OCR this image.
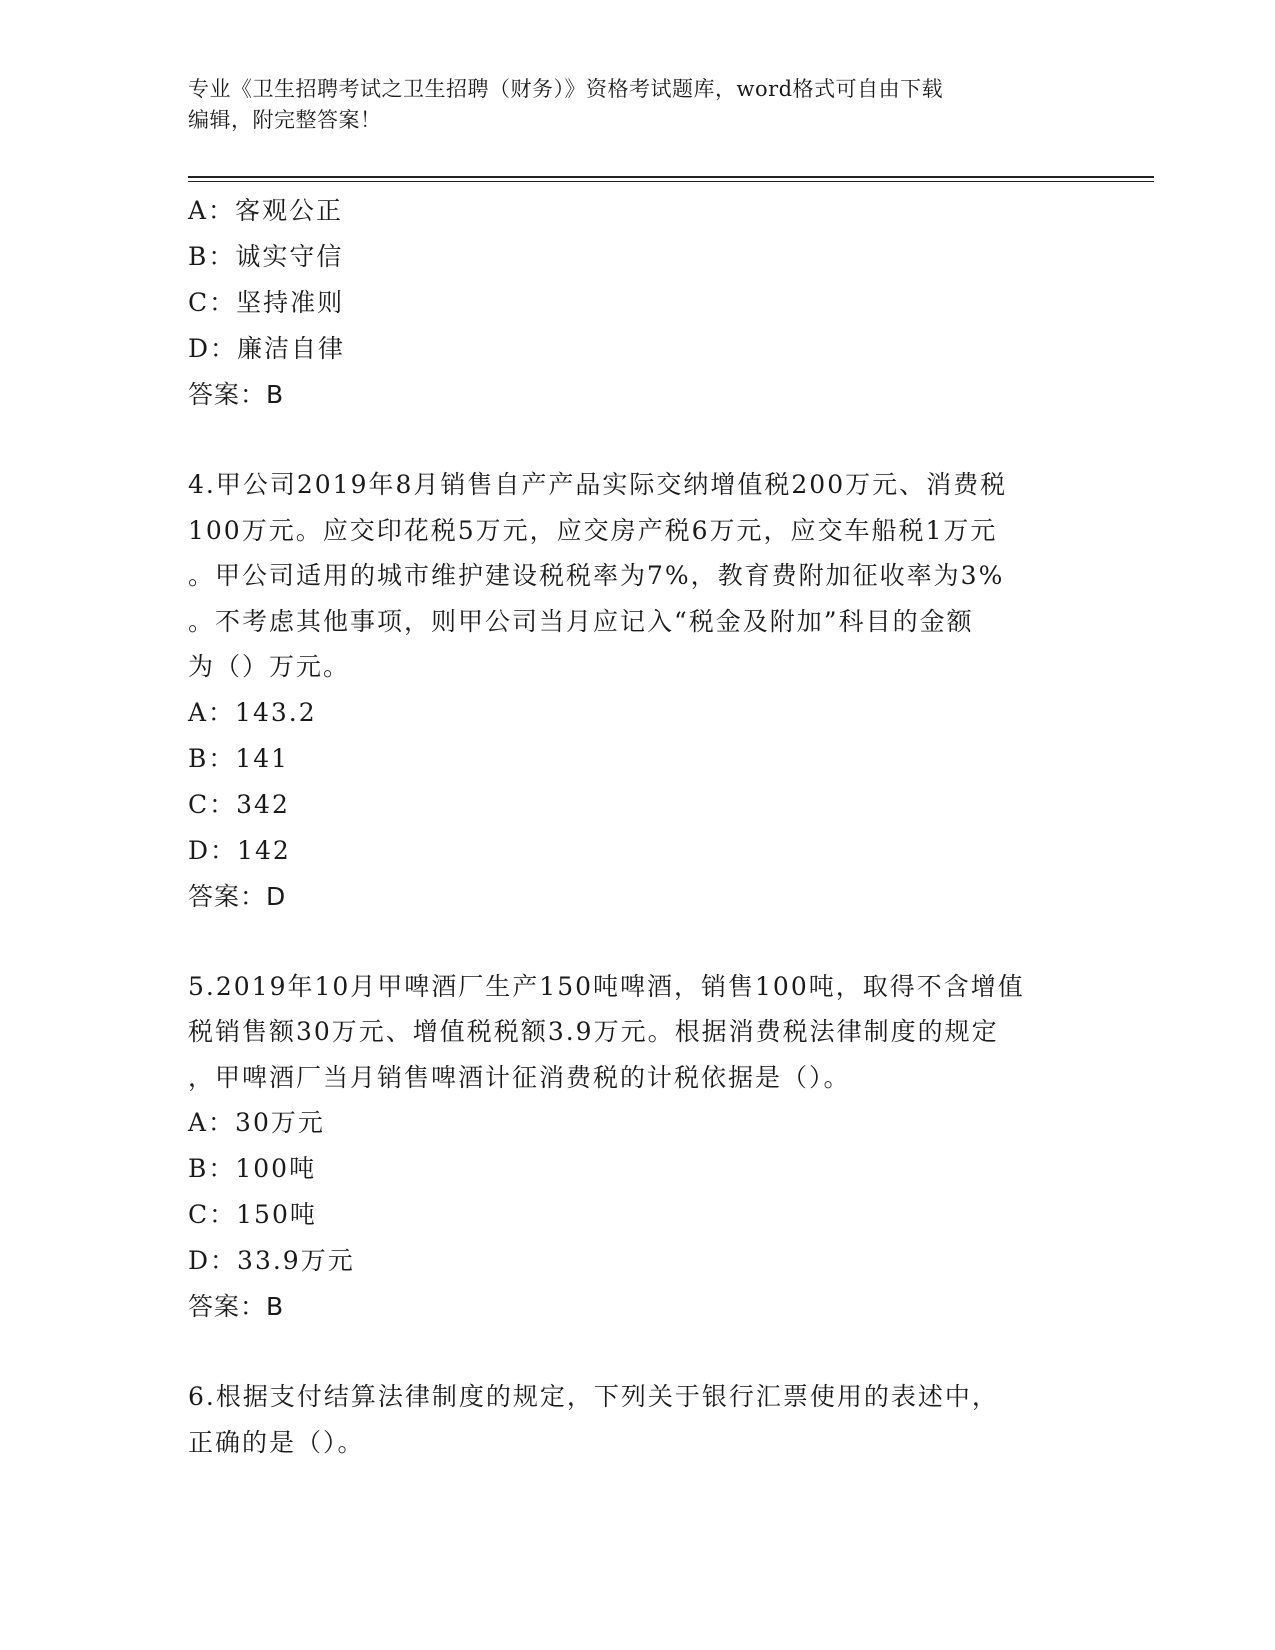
专业《卫生招聘考试之卫生招聘（财务）》资格考试题库，word格式可自由下载
编辑，附完整答案！
A：客观公正
B：诚实守信
C：坚持准则
D：廉洁自律
答案：B
4.甲公司2019年8月销售自产产品实际交纳增值税200万元、消费税
100万元。应交印花税5万元，应交房产税6万元，应交车船税1万元
。甲公司适用的城市维护建设税税率为7%，教育费附加征收率为3%
。不考虑其他事项，则甲公司当月应记入“税金及附加”科目的金额
为（）万元。
A：143.2
B：141
C：342
D：142
答案：D
5.2019年10月甲啤酒厂生产150吨啤酒，销售100吨，取得不含增值
税销售额30万元、增值税税额3.9万元。根据消费税法律制度的规定
，甲啤酒厂当月销售啤酒计征消费税的计税依据是（）。
A：30万元
B：100吨
C：150吨
D：33.9万元
答案：B
6.根据支付结算法律制度的规定，下列关于银行汇票使用的表述中，
正确的是（）。
